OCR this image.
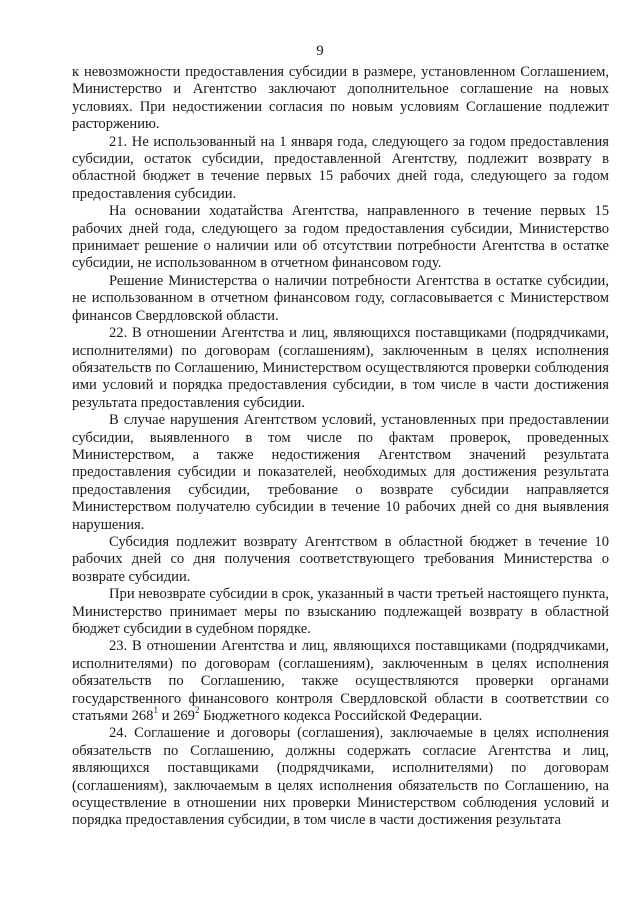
9

к невозможности предоставления субсидии в размере, установленном Соглашением, Министерство и Агентство заключают дополнительное соглашение на новых условиях. При недостижении согласия по новым условиям Соглашение подлежит расторжению.

21. Не использованный на 1 января года, следующего за годом предоставления субсидии, остаток субсидии, предоставленной Агентству, подлежит возврату в областной бюджет в течение первых 15 рабочих дней года, следующего за годом предоставления субсидии.

На основании ходатайства Агентства, направленного в течение первых 15 рабочих дней года, следующего за годом предоставления субсидии, Министерство принимает решение о наличии или об отсутствии потребности Агентства в остатке субсидии, не использованном в отчетном финансовом году.

Решение Министерства о наличии потребности Агентства в остатке субсидии, не использованном в отчетном финансовом году, согласовывается с Министерством финансов Свердловской области.

22. В отношении Агентства и лиц, являющихся поставщиками (подрядчиками, исполнителями) по договорам (соглашениям), заключенным в целях исполнения обязательств по Соглашению, Министерством осуществляются проверки соблюдения ими условий и порядка предоставления субсидии, в том числе в части достижения результата предоставления субсидии.

В случае нарушения Агентством условий, установленных при предоставлении субсидии, выявленного в том числе по фактам проверок, проведенных Министерством, а также недостижения Агентством значений результата предоставления субсидии и показателей, необходимых для достижения результата предоставления субсидии, требование о возврате субсидии направляется Министерством получателю субсидии в течение 10 рабочих дней со дня выявления нарушения.

Субсидия подлежит возврату Агентством в областной бюджет в течение 10 рабочих дней со дня получения соответствующего требования Министерства о возврате субсидии.

При невозврате субсидии в срок, указанный в части третьей настоящего пункта, Министерство принимает меры по взысканию подлежащей возврату в областной бюджет субсидии в судебном порядке.

23. В отношении Агентства и лиц, являющихся поставщиками (подрядчиками, исполнителями) по договорам (соглашениям), заключенным в целях исполнения обязательств по Соглашению, также осуществляются проверки органами государственного финансового контроля Свердловской области в соответствии со статьями $268^1$ и $269^2$ Бюджетного кодекса Российской Федерации.

24. Соглашение и договоры (соглашения), заключаемые в целях исполнения обязательств по Соглашению, должны содержать согласие Агентства и лиц, являющихся поставщиками (подрядчиками, исполнителями) по договорам (соглашениям), заключаемым в целях исполнения обязательств по Соглашению, на осуществление в отношении них проверки Министерством соблюдения условий и порядка предоставления субсидии, в том числе в части достижения результата
